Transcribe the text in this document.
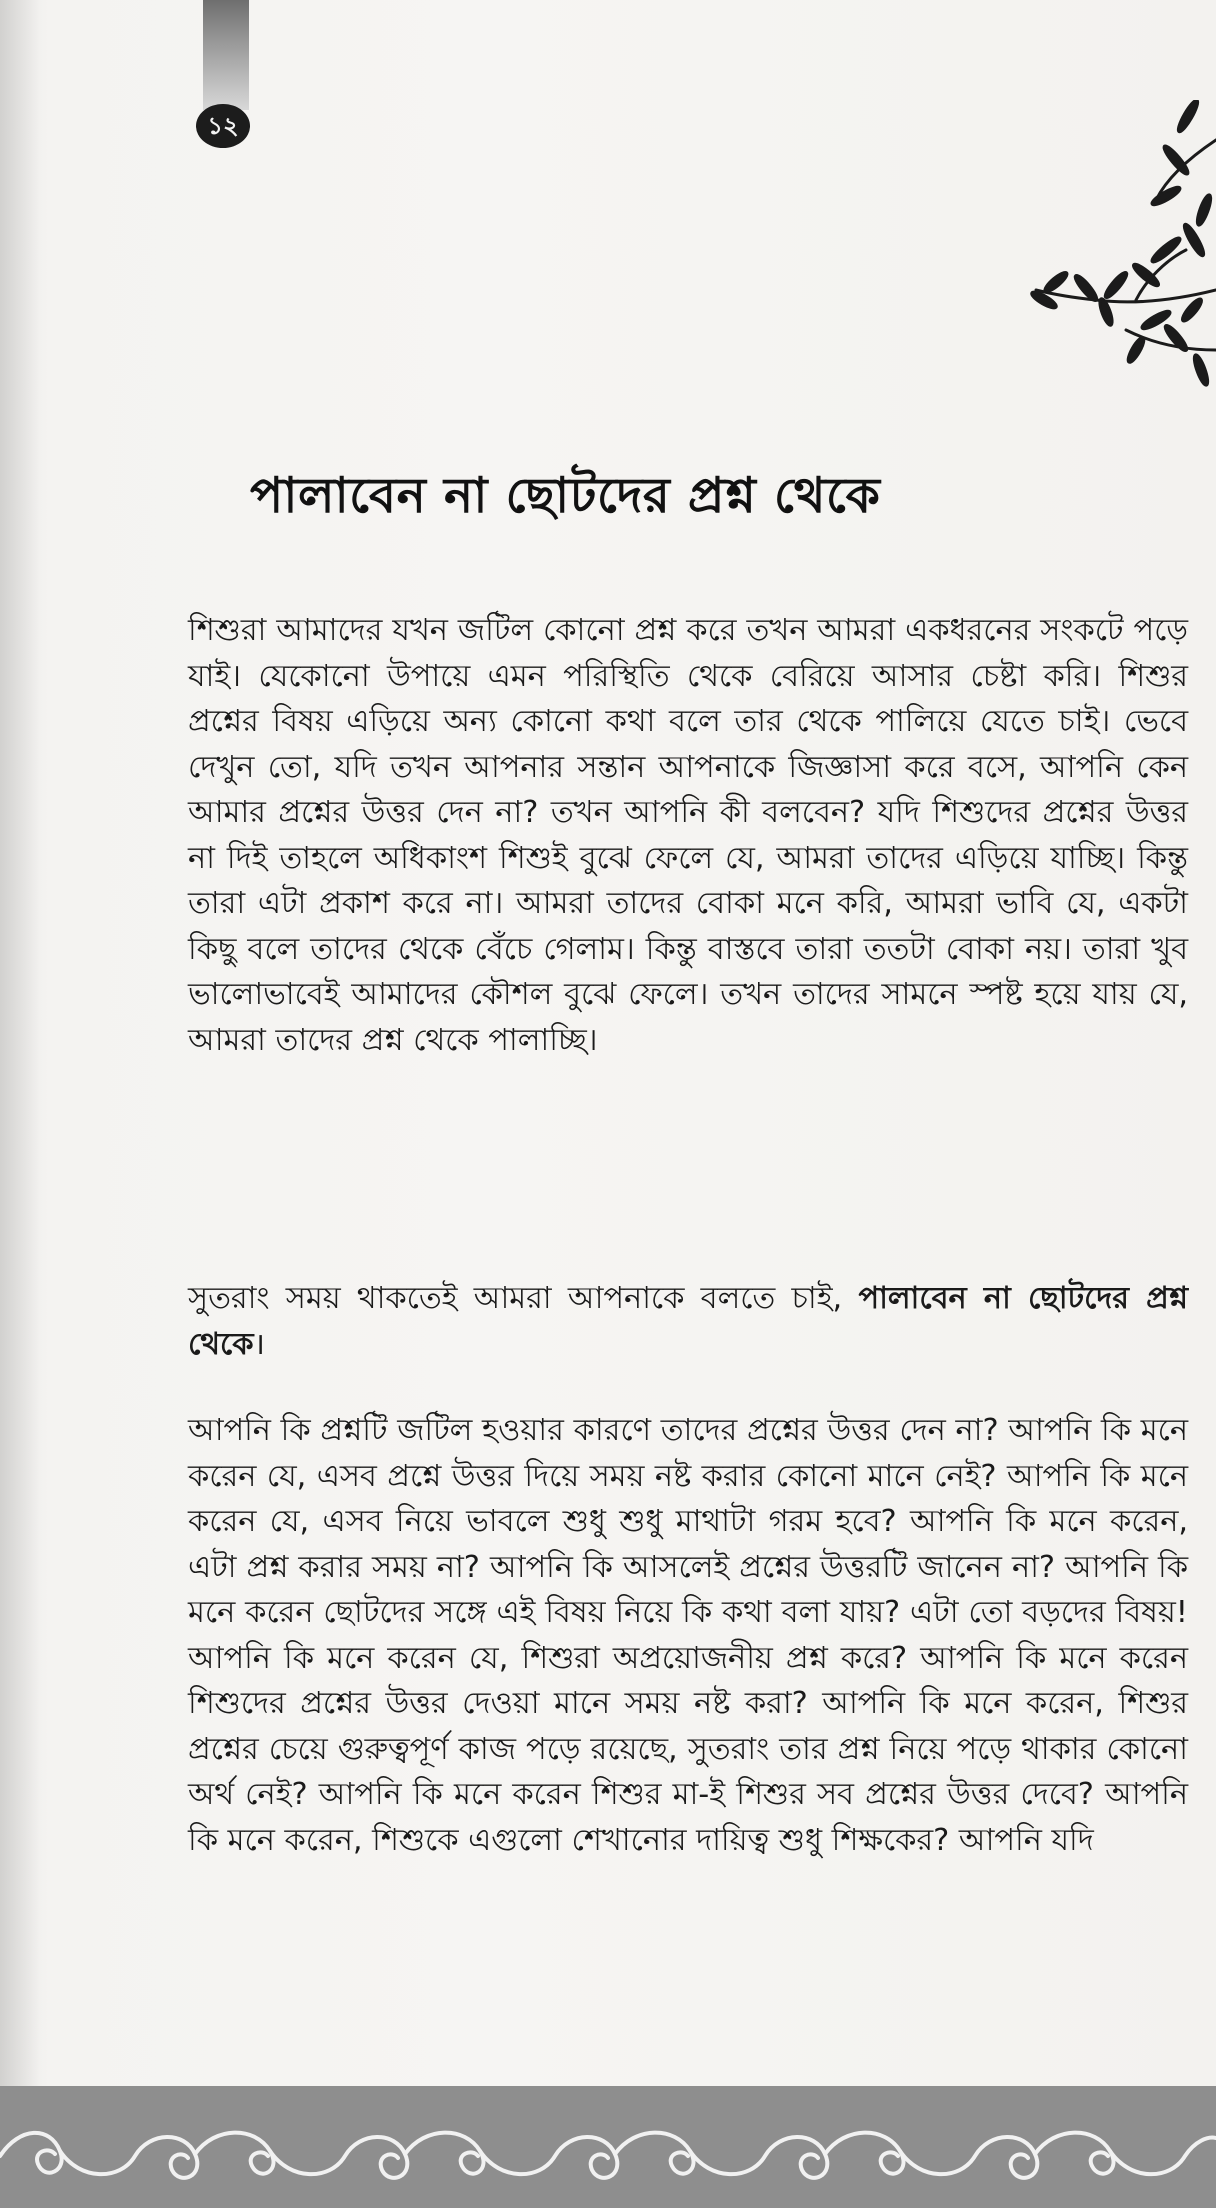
১২
পালাবেন না ছোটদের প্রশ্ন থেকে

শিশুরা আমাদের যখন জটিল কোনো প্রশ্ন করে তখন আমরা একধরনের সংকটে পড়ে যাই। যেকোনো উপায়ে এমন পরিস্থিতি থেকে বেরিয়ে আসার চেষ্টা করি। শিশুর প্রশ্নের বিষয় এড়িয়ে অন্য কোনো কথা বলে তার থেকে পালিয়ে যেতে চাই। ভেবে দেখুন তো, যদি তখন আপনার সন্তান আপনাকে জিজ্ঞাসা করে বসে, আপনি কেন আমার প্রশ্নের উত্তর দেন না? তখন আপনি কী বলবেন? যদি শিশুদের প্রশ্নের উত্তর না দিই তাহলে অধিকাংশ শিশুই বুঝে ফেলে যে, আমরা তাদের এড়িয়ে যাচ্ছি। কিন্তু তারা এটা প্রকাশ করে না। আমরা তাদের বোকা মনে করি, আমরা ভাবি যে, একটা কিছু বলে তাদের থেকে বেঁচে গেলাম। কিন্তু বাস্তবে তারা ততটা বোকা নয়। তারা খুব ভালোভাবেই আমাদের কৌশল বুঝে ফেলে। তখন তাদের সামনে স্পষ্ট হয়ে যায় যে, আমরা তাদের প্রশ্ন থেকে পালাচ্ছি।

সুতরাং সময় থাকতেই আমরা আপনাকে বলতে চাই, পালাবেন না ছোটদের প্রশ্ন থেকে।

আপনি কি প্রশ্নটি জটিল হওয়ার কারণে তাদের প্রশ্নের উত্তর দেন না? আপনি কি মনে করেন যে, এসব প্রশ্নে উত্তর দিয়ে সময় নষ্ট করার কোনো মানে নেই? আপনি কি মনে করেন যে, এসব নিয়ে ভাবলে শুধু শুধু মাথাটা গরম হবে? আপনি কি মনে করেন, এটা প্রশ্ন করার সময় না? আপনি কি আসলেই প্রশ্নের উত্তরটি জানেন না? আপনি কি মনে করেন ছোটদের সঙ্গে এই বিষয় নিয়ে কি কথা বলা যায়? এটা তো বড়দের বিষয়! আপনি কি মনে করেন যে, শিশুরা অপ্রয়োজনীয় প্রশ্ন করে? আপনি কি মনে করেন শিশুদের প্রশ্নের উত্তর দেওয়া মানে সময় নষ্ট করা? আপনি কি মনে করেন, শিশুর প্রশ্নের চেয়ে গুরুত্বপূর্ণ কাজ পড়ে রয়েছে, সুতরাং তার প্রশ্ন নিয়ে পড়ে থাকার কোনো অর্থ নেই? আপনি কি মনে করেন শিশুর মা-ই শিশুর সব প্রশ্নের উত্তর দেবে? আপনি কি মনে করেন, শিশুকে এগুলো শেখানোর দায়িত্ব শুধু শিক্ষকের? আপনি যদি
